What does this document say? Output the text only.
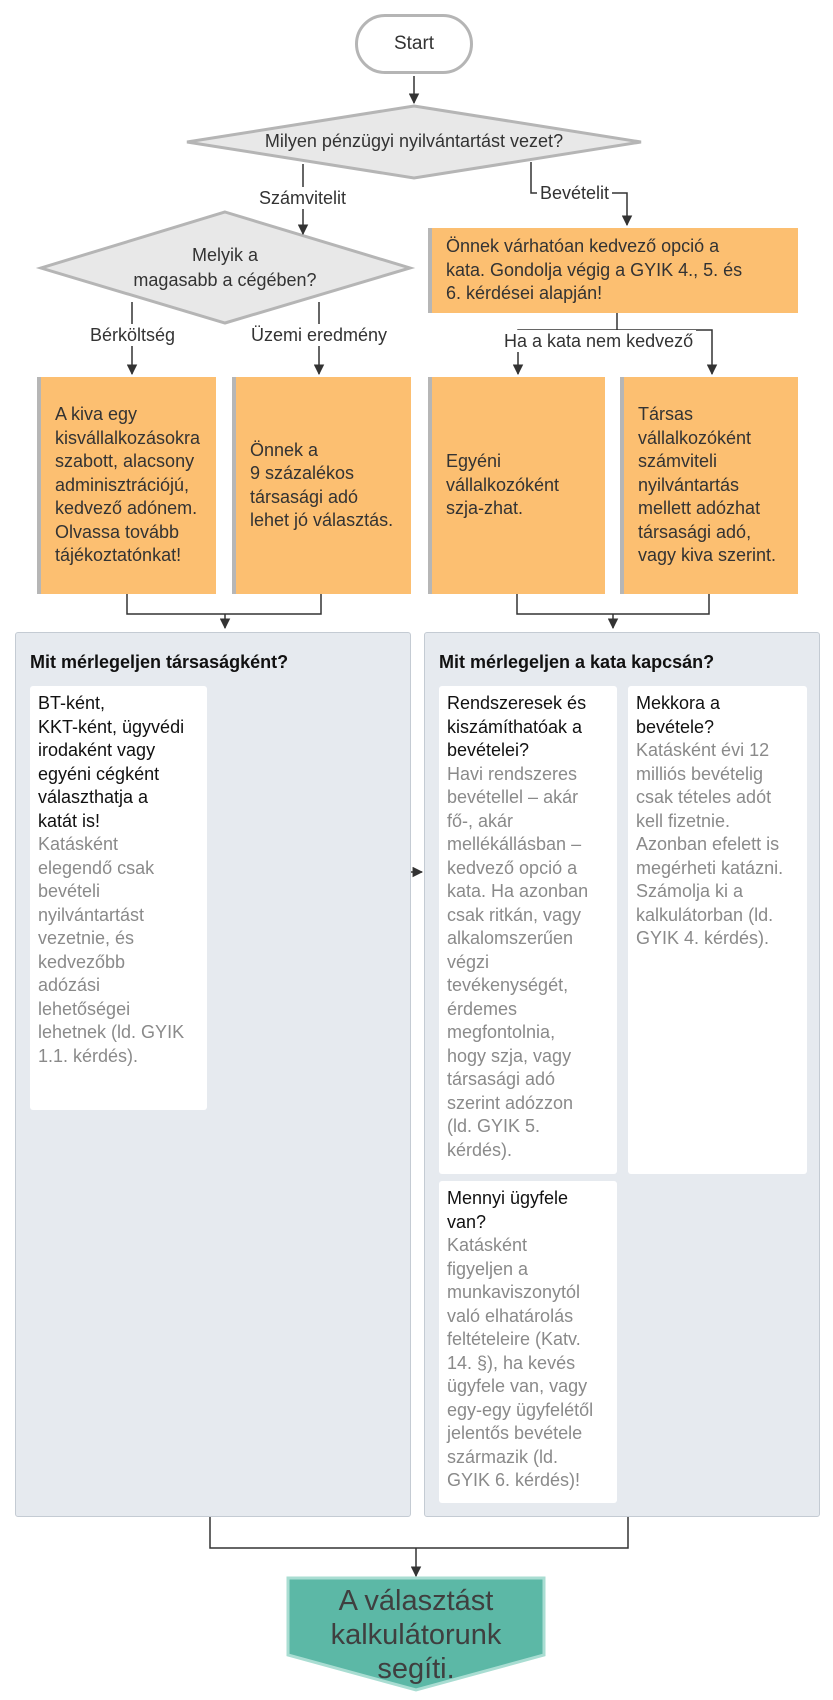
Start
Milyen pénzügyi nyilvántartást vezet?
Számvitelit	Bevételit
Melyik a
magasabb a cégében?
Önnek várhatóan kedvező opció a
kata. Gondolja végig a GYIK 4., 5. és
6. kérdései alapján!
Bérköltség	Üzemi eredmény	Ha a kata nem kedvező
A kiva egy
kisvállalkozásokra
szabott, alacsony
adminisztrációjú,
kedvező adónem.
Olvassa tovább
tájékoztatónkat!
Önnek a
9 százalékos
társasági adó
lehet jó választás.
Egyéni
vállalkozóként
szja-zhat.
Társas
vállalkozóként
számviteli
nyilvántartás
mellett adózhat
társasági adó,
vagy kiva szerint.
Mit mérlegeljen társaságként?
BT-ként,
KKT-ként, ügyvédi
irodaként vagy
egyéni cégként
választhatja a
katát is!
Katásként
elegendő csak
bevételi
nyilvántartást
vezetnie, és
kedvezőbb
adózási
lehetőségei
lehetnek (ld. GYIK
1.1. kérdés).
Mit mérlegeljen a kata kapcsán?
Rendszeresek és
kiszámíthatóak a
bevételei?
Havi rendszeres
bevétellel – akár
fő-, akár
mellékállásban –
kedvező opció a
kata. Ha azonban
csak ritkán, vagy
alkalomszerűen
végzi
tevékenységét,
érdemes
megfontolnia,
hogy szja, vagy
társasági adó
szerint adózzon
(ld. GYIK 5.
kérdés).
Mekkora a
bevétele?
Katásként évi 12
milliós bevételig
csak tételes adót
kell fizetnie.
Azonban efelett is
megérheti katázni.
Számolja ki a
kalkulátorban (ld.
GYIK 4. kérdés).
Mennyi ügyfele
van?
Katásként
figyeljen a
munkaviszonytól
való elhatárolás
feltételeire (Katv.
14. §), ha kevés
ügyfele van, vagy
egy-egy ügyfelétől
jelentős bevétele
származik (ld.
GYIK 6. kérdés)!
A választást
kalkulátorunk
segíti.
